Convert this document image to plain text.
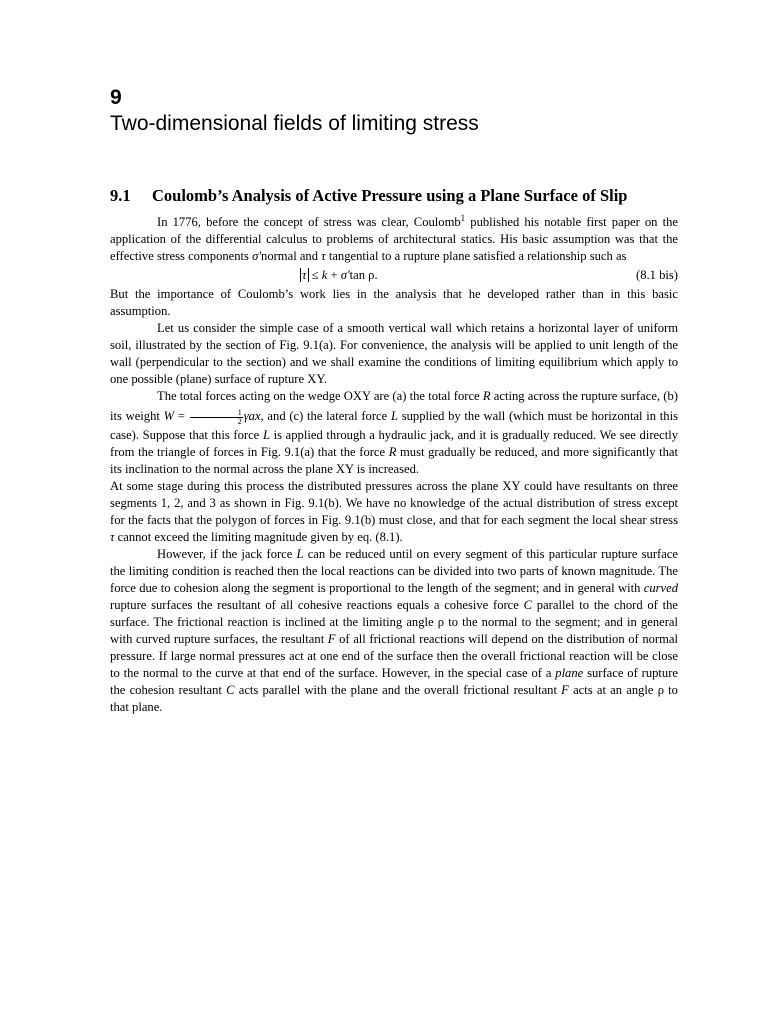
9
Two-dimensional fields of limiting stress
9.1 Coulomb’s Analysis of Active Pressure using a Plane Surface of Slip

In 1776, before the concept of stress was clear, Coulomb$^1$ published his notable first paper on the application of the differential calculus to problems of architectural statics. His basic assumption was that the effective stress components σ'normal and τ tangential to a rupture plane satisfied a relationship such as

τ ≤ k + σ'tan ρ.	(8.1 bis)

But the importance of Coulomb’s work lies in the analysis that he developed rather than in this basic assumption.

Let us consider the simple case of a smooth vertical wall which retains a horizontal layer of uniform soil, illustrated by the section of Fig. 9.1(a). For convenience, the analysis will be applied to unit length of the wall (perpendicular to the section) and we shall examine the conditions of limiting equilibrium which apply to one possible (plane) surface of rupture XY.

The total forces acting on the wedge OXY are (a) the total force R acting across the rupture surface, (b) its weight $W = \frac{1}{2} \gamma ax$, and (c) the lateral force L supplied by the wall (which must be horizontal in this case). Suppose that this force L is applied through a hydraulic jack, and it is gradually reduced. We see directly from the triangle of forces in Fig. 9.1(a) that the force R must gradually be reduced, and more significantly that its inclination to the normal across the plane XY is increased.

At some stage during this process the distributed pressures across the plane XY could have resultants on three segments 1, 2, and 3 as shown in Fig. 9.1(b). We have no knowledge of the actual distribution of stress except for the facts that the polygon of forces in Fig. 9.1(b) must close, and that for each segment the local shear stress τ cannot exceed the limiting magnitude given by eq. (8.1).

However, if the jack force L can be reduced until on every segment of this particular rupture surface the limiting condition is reached then the local reactions can be divided into two parts of known magnitude. The force due to cohesion along the segment is proportional to the length of the segment; and in general with curved rupture surfaces the resultant of all cohesive reactions equals a cohesive force C parallel to the chord of the surface. The frictional reaction is inclined at the limiting angle ρ to the normal to the segment; and in general with curved rupture surfaces, the resultant F of all frictional reactions will depend on the distribution of normal pressure. If large normal pressures act at one end of the surface then the overall frictional reaction will be close to the normal to the curve at that end of the surface. However, in the special case of a plane surface of rupture the cohesion resultant C acts parallel with the plane and the overall frictional resultant F acts at an angle ρ to that plane.
